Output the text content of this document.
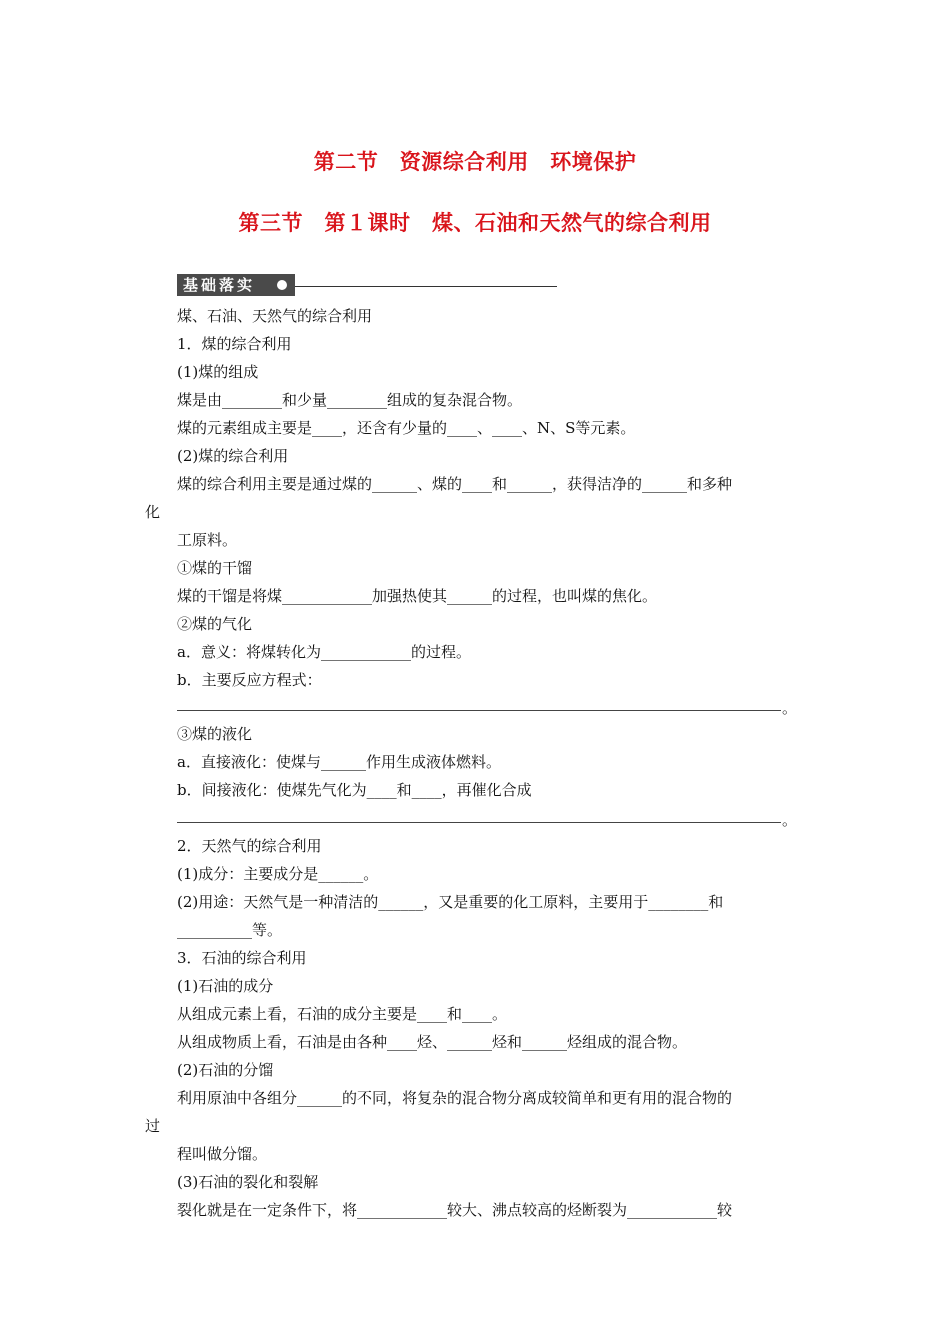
第二节　资源综合利用　环境保护
第三节　第１课时　煤、石油和天然气的综合利用
基础落实
煤、石油、天然气的综合利用
1．煤的综合利用
(1)煤的组成
煤是由________和少量________组成的复杂混合物。
煤的元素组成主要是____，还含有少量的____、____、N、S等元素。
(2)煤的综合利用
煤的综合利用主要是通过煤的______、煤的____和______，获得洁净的______和多种
化
工原料。
①煤的干馏
煤的干馏是将煤____________加强热使其______的过程，也叫煤的焦化。
②煤的气化
a．意义：将煤转化为____________的过程。
b．主要反应方程式：
。
③煤的液化
a．直接液化：使煤与______作用生成液体燃料。
b．间接液化：使煤先气化为____和____，再催化合成
。
2．天然气的综合利用
(1)成分：主要成分是______。
(2)用途：天然气是一种清洁的______，又是重要的化工原料，主要用于________和
__________等。
3．石油的综合利用
(1)石油的成分
从组成元素上看，石油的成分主要是____和____。
从组成物质上看，石油是由各种____烃、______烃和______烃组成的混合物。
(2)石油的分馏
利用原油中各组分______的不同，将复杂的混合物分离成较简单和更有用的混合物的
过
程叫做分馏。
(3)石油的裂化和裂解
裂化就是在一定条件下，将____________较大、沸点较高的烃断裂为____________较
